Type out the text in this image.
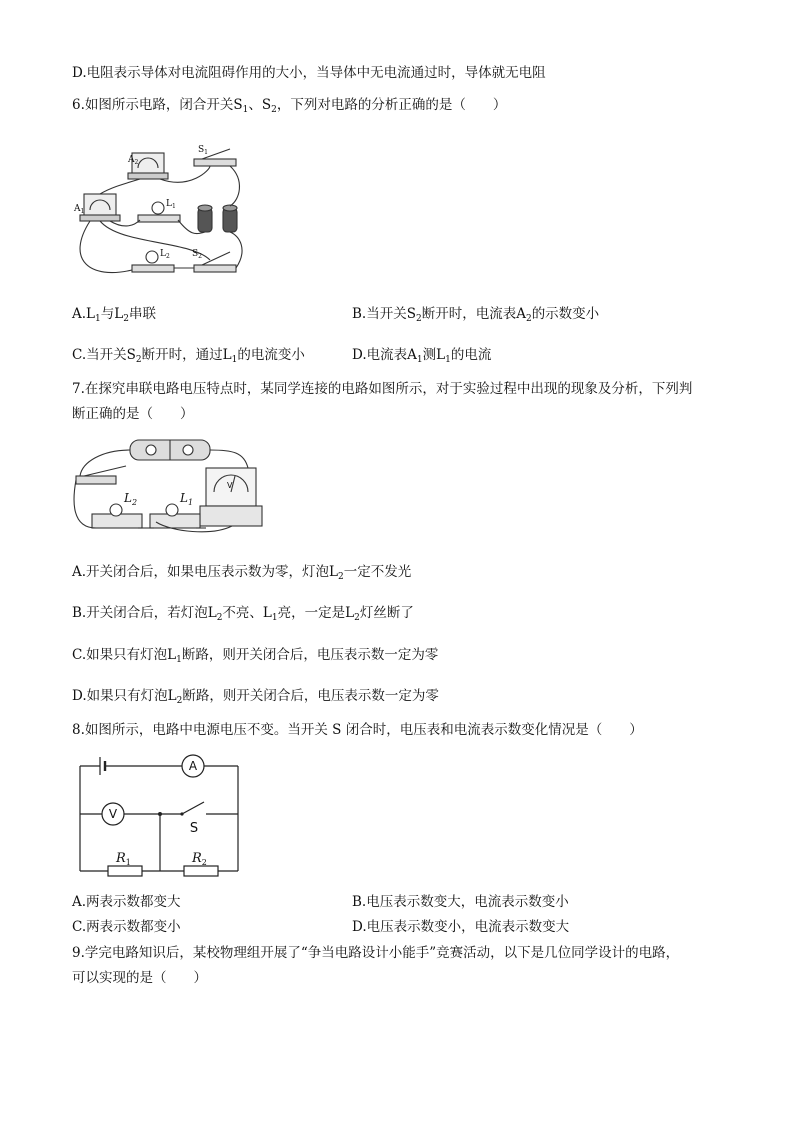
D.电阻表示导体对电流阻碍作用的大小，当导体中无电流通过时，导体就无电阻
6.如图所示电路，闭合开关$S_1$、$S_2$，下列对电路的分析正确的是（　　）
$A_2$
$A_1$
$S_1$
$L_1$
$L_2$ $S_2$
$A.L_1$与$L_2$串联	B.当开关$S_2$断开时，电流表$A_2$的示数变小
C.当开关$S_2$断开时，通过$L_1$的电流变小	D.电流表$A_1$测$L_1$的电流
7.在探究串联电路电压特点时，某同学连接的电路如图所示，对于实验过程中出现的现象及分析，下列判
断正确的是（　　）
$L_2$	$L_1$
V
A.开关闭合后，如果电压表示数为零，灯泡$L_2$一定不发光
B.开关闭合后，若灯泡$L_2$不亮、$L_1$亮，一定是$L_2$灯丝断了
C.如果只有灯泡$L_1$断路，则开关闭合后，电压表示数一定为零
D.如果只有灯泡$L_2$断路，则开关闭合后，电压表示数一定为零
8.如图所示，电路中电源电压不变。当开关 S 闭合时，电压表和电流表示数变化情况是（　　）
A
V
S
$R_1$	$R_2$
A.两表示数都变大	B.电压表示数变大，电流表示数变小
C.两表示数都变小	D.电压表示数变小，电流表示数变大
9.学完电路知识后，某校物理组开展了“争当电路设计小能手”竞赛活动，以下是几位同学设计的电路，
可以实现的是（　　）
